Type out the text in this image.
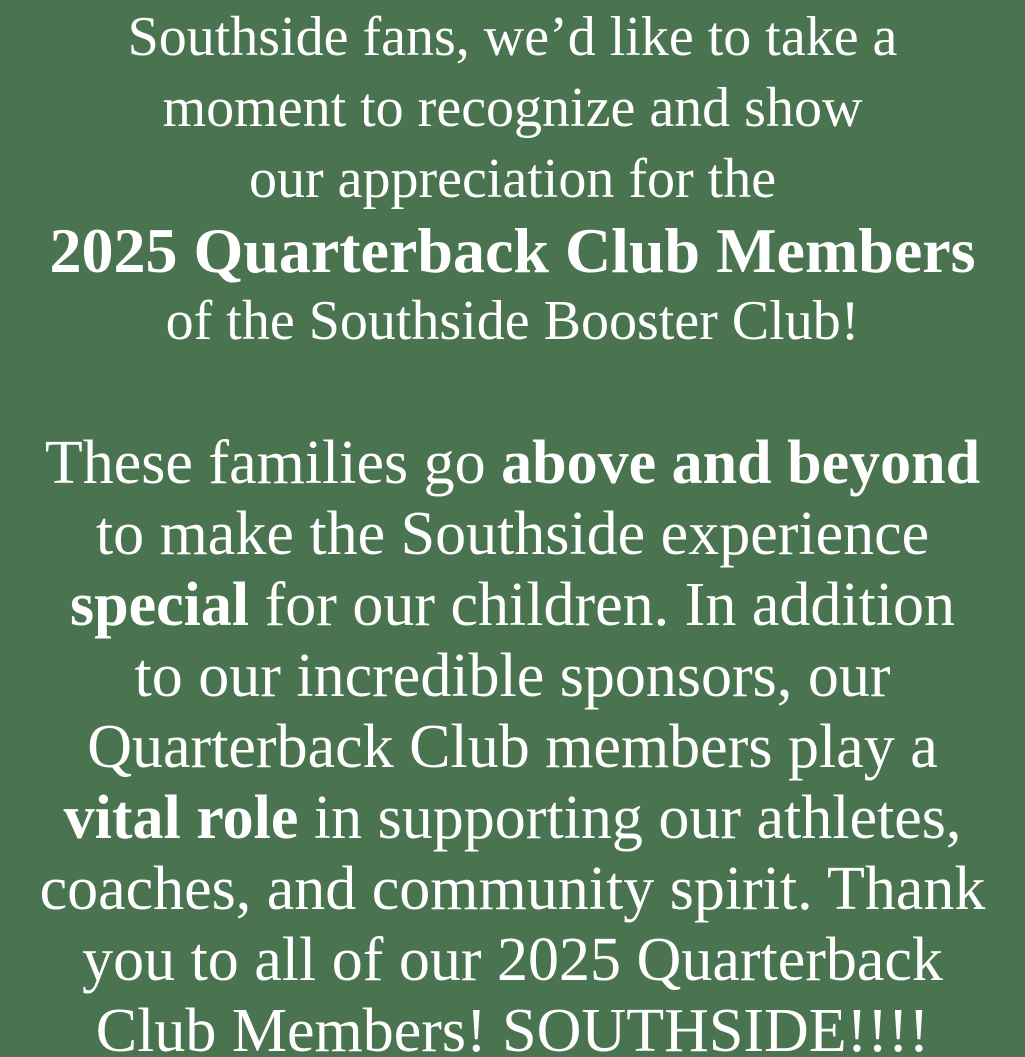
Southside fans, we’d like to take a
moment to recognize and show
our appreciation for the
2025 Quarterback Club Members
of the Southside Booster Club!
These families go above and beyond
to make the Southside experience
special for our children. In addition
to our incredible sponsors, our
Quarterback Club members play a
vital role in supporting our athletes,
coaches, and community spirit. Thank
you to all of our 2025 Quarterback
Club Members! SOUTHSIDE!!!!
